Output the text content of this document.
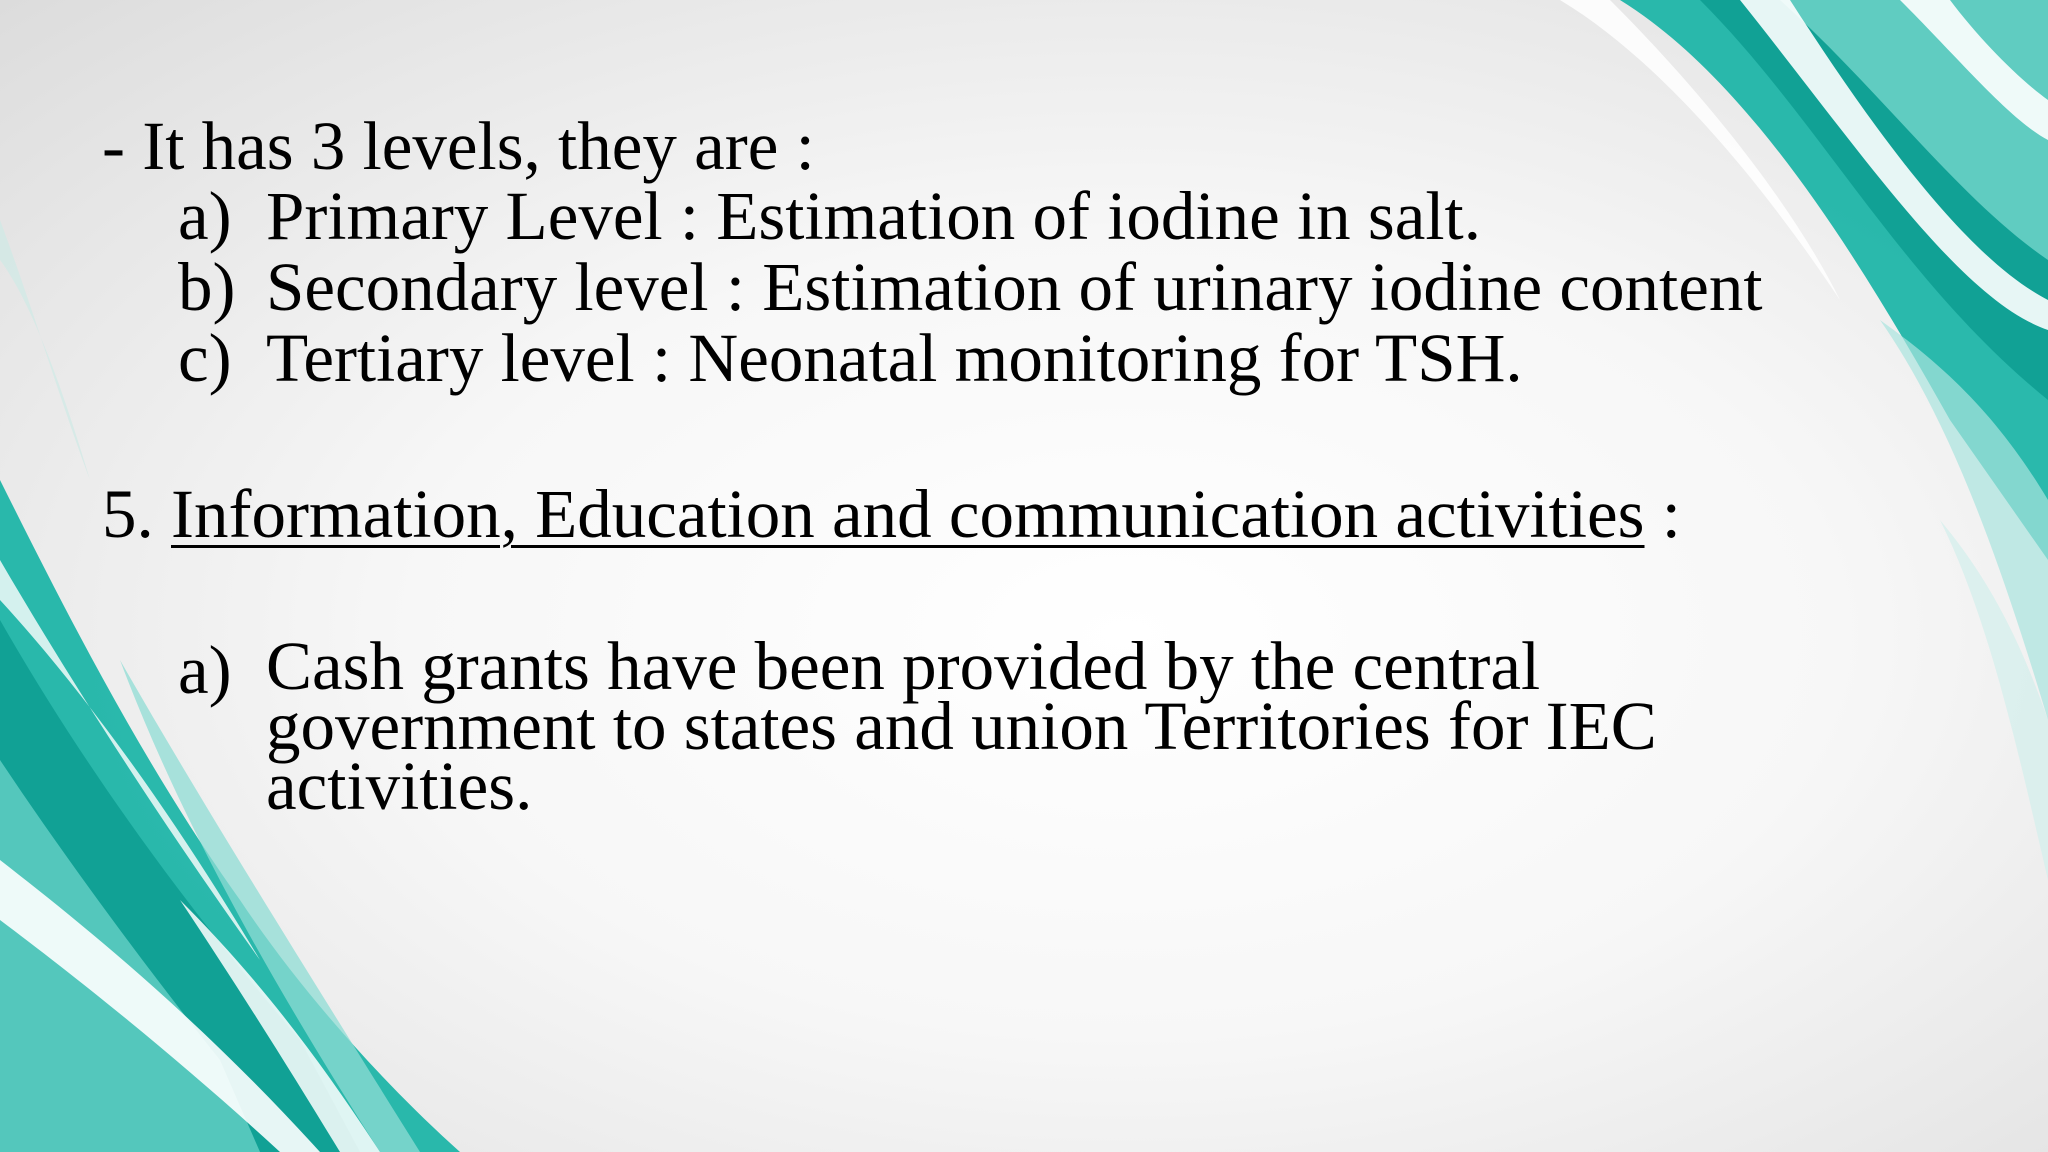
- It has 3 levels, they are :
a) Primary Level : Estimation of iodine in salt.
b) Secondary level : Estimation of urinary iodine content
c) Tertiary level : Neonatal monitoring for TSH.
5. Information, Education and communication activities :
a) Cash grants have been provided by the central
government to states and union Territories for IEC
activities.
